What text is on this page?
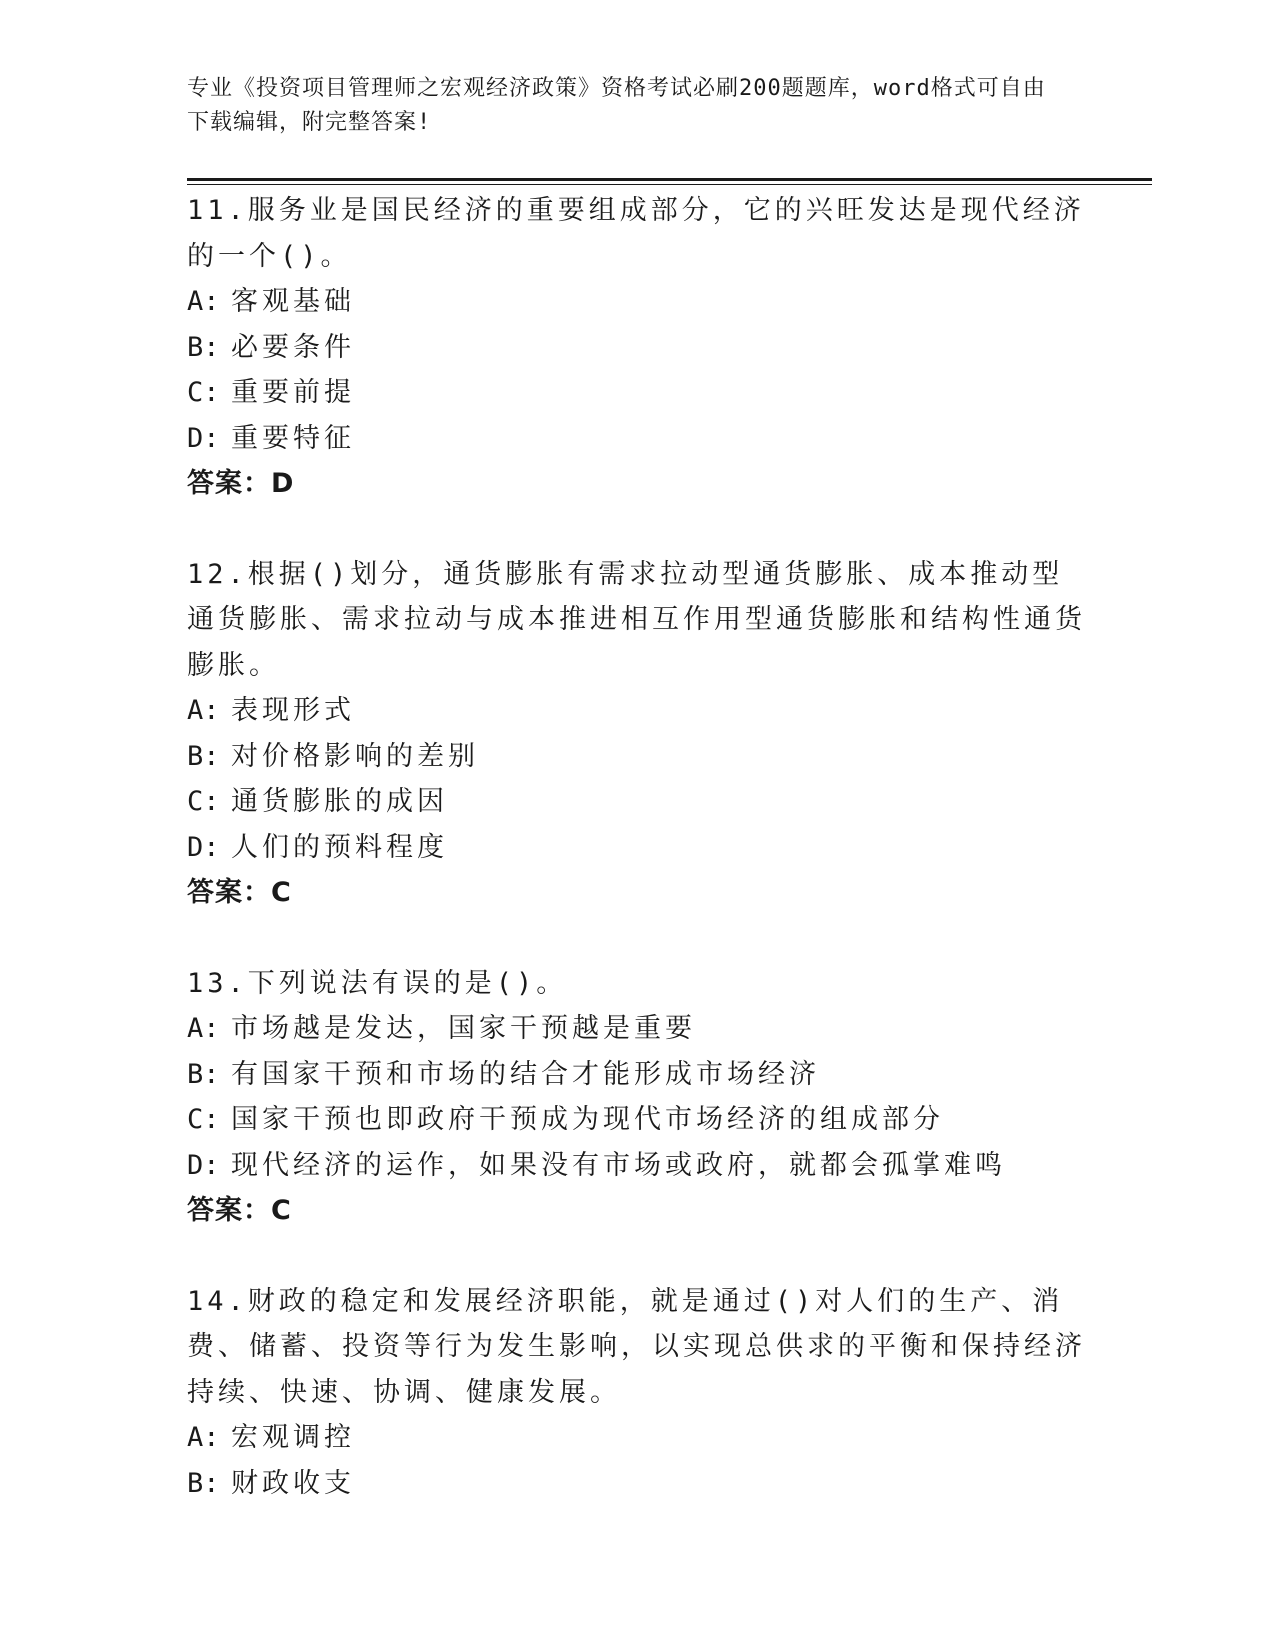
专业《投资项目管理师之宏观经济政策》资格考试必刷200题题库，word格式可自由下载编辑，附完整答案!

11.服务业是国民经济的重要组成部分，它的兴旺发达是现代经济的一个()。

A: 客观基础

B: 必要条件

C: 重要前提

D: 重要特征

答案：D

12.根据()划分，通货膨胀有需求拉动型通货膨胀、成本推动型通货膨胀、需求拉动与成本推进相互作用型通货膨胀和结构性通货膨胀。

A: 表现形式

B: 对价格影响的差别

C: 通货膨胀的成因

D: 人们的预料程度

答案：C

13.下列说法有误的是()。

A: 市场越是发达，国家干预越是重要

B: 有国家干预和市场的结合才能形成市场经济

C: 国家干预也即政府干预成为现代市场经济的组成部分

D: 现代经济的运作，如果没有市场或政府，就都会孤掌难鸣

答案：C

14.财政的稳定和发展经济职能，就是通过()对人们的生产、消费、储蓄、投资等行为发生影响，以实现总供求的平衡和保持经济持续、快速、协调、健康发展。

A: 宏观调控

B: 财政收支
